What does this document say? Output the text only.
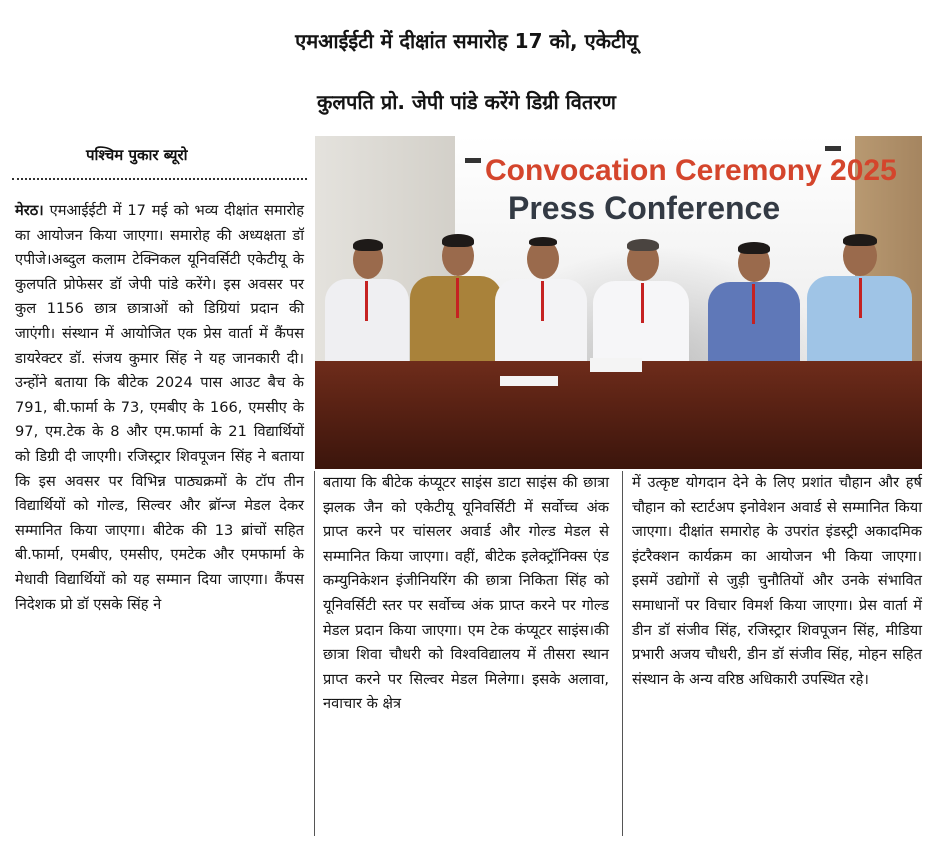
एमआईईटी में दीक्षांत समारोह 17 को, एकेटीयू
कुलपति प्रो. जेपी पांडे करेंगे डिग्री वितरण
पश्चिम पुकार ब्यूरो	Convocation Ceremony 2025
Press Conference
मेरठ। एमआईईटी में 17 मई को भव्य दीक्षांत समारोह का आयोजन किया जाएगा। समारोह की अध्यक्षता डॉ एपीजे।अब्दुल कलाम टेक्निकल यूनिवर्सिटी एकेटीयू के कुलपति प्रोफेसर डॉ जेपी पांडे करेंगे। इस अवसर पर कुल 1156 छात्र छात्राओं को डिग्रियां प्रदान की जाएंगी। संस्थान में आयोजित एक प्रेस वार्ता में कैंपस डायरेक्टर डॉ. संजय कुमार सिंह ने यह जानकारी दी। उन्होंने बताया कि बीटेक 2024 पास आउट बैच के 791, बी.फार्मा के 73, एमबीए के 166, एमसीए के 97, एम.टेक के 8 और एम.फार्मा के 21 विद्यार्थियों को डिग्री दी जाएगी। रजिस्ट्रार शिवपूजन सिंह ने बताया कि इस अवसर पर विभिन्न पाठ्यक्रमों के टॉप तीन विद्यार्थियों को गोल्ड, सिल्वर और ब्रॉन्ज मेडल देकर सम्मानित किया जाएगा। बीटेक की 13 ब्रांचों सहित बी.फार्मा, एमबीए, एमसीए, एमटेक और एमफार्मा के मेधावी विद्यार्थियों को यह सम्मान दिया जाएगा। कैंपस निदेशक प्रो डॉ एसके सिंह ने
बताया कि बीटेक कंप्यूटर साइंस डाटा साइंस की छात्रा झलक जैन को एकेटीयू यूनिवर्सिटी में सर्वोच्च अंक प्राप्त करने पर चांसलर अवार्ड और गोल्ड मेडल से सम्मानित किया जाएगा। वहीं, बीटेक इलेक्ट्रॉनिक्स एंड कम्युनिकेशन इंजीनियरिंग की छात्रा निकिता सिंह को यूनिवर्सिटी स्तर पर सर्वोच्च अंक प्राप्त करने पर गोल्ड मेडल प्रदान किया जाएगा। एम टेक कंप्यूटर साइंस।की छात्रा शिवा चौधरी को विश्वविद्यालय में तीसरा स्थान प्राप्त करने पर सिल्वर मेडल मिलेगा। इसके अलावा, नवाचार के क्षेत्र
में उत्कृष्ट योगदान देने के लिए प्रशांत चौहान और हर्ष चौहान को स्टार्टअप इनोवेशन अवार्ड से सम्मानित किया जाएगा। दीक्षांत समारोह के उपरांत इंडस्ट्री अकादमिक इंटरैक्शन कार्यक्रम का आयोजन भी किया जाएगा। इसमें उद्योगों से जुड़ी चुनौतियों और उनके संभावित समाधानों पर विचार विमर्श किया जाएगा। प्रेस वार्ता में डीन डॉ संजीव सिंह, रजिस्ट्रार शिवपूजन सिंह, मीडिया प्रभारी अजय चौधरी, डीन डॉ संजीव सिंह, मोहन सहित संस्थान के अन्य वरिष्ठ अधिकारी उपस्थित रहे।
